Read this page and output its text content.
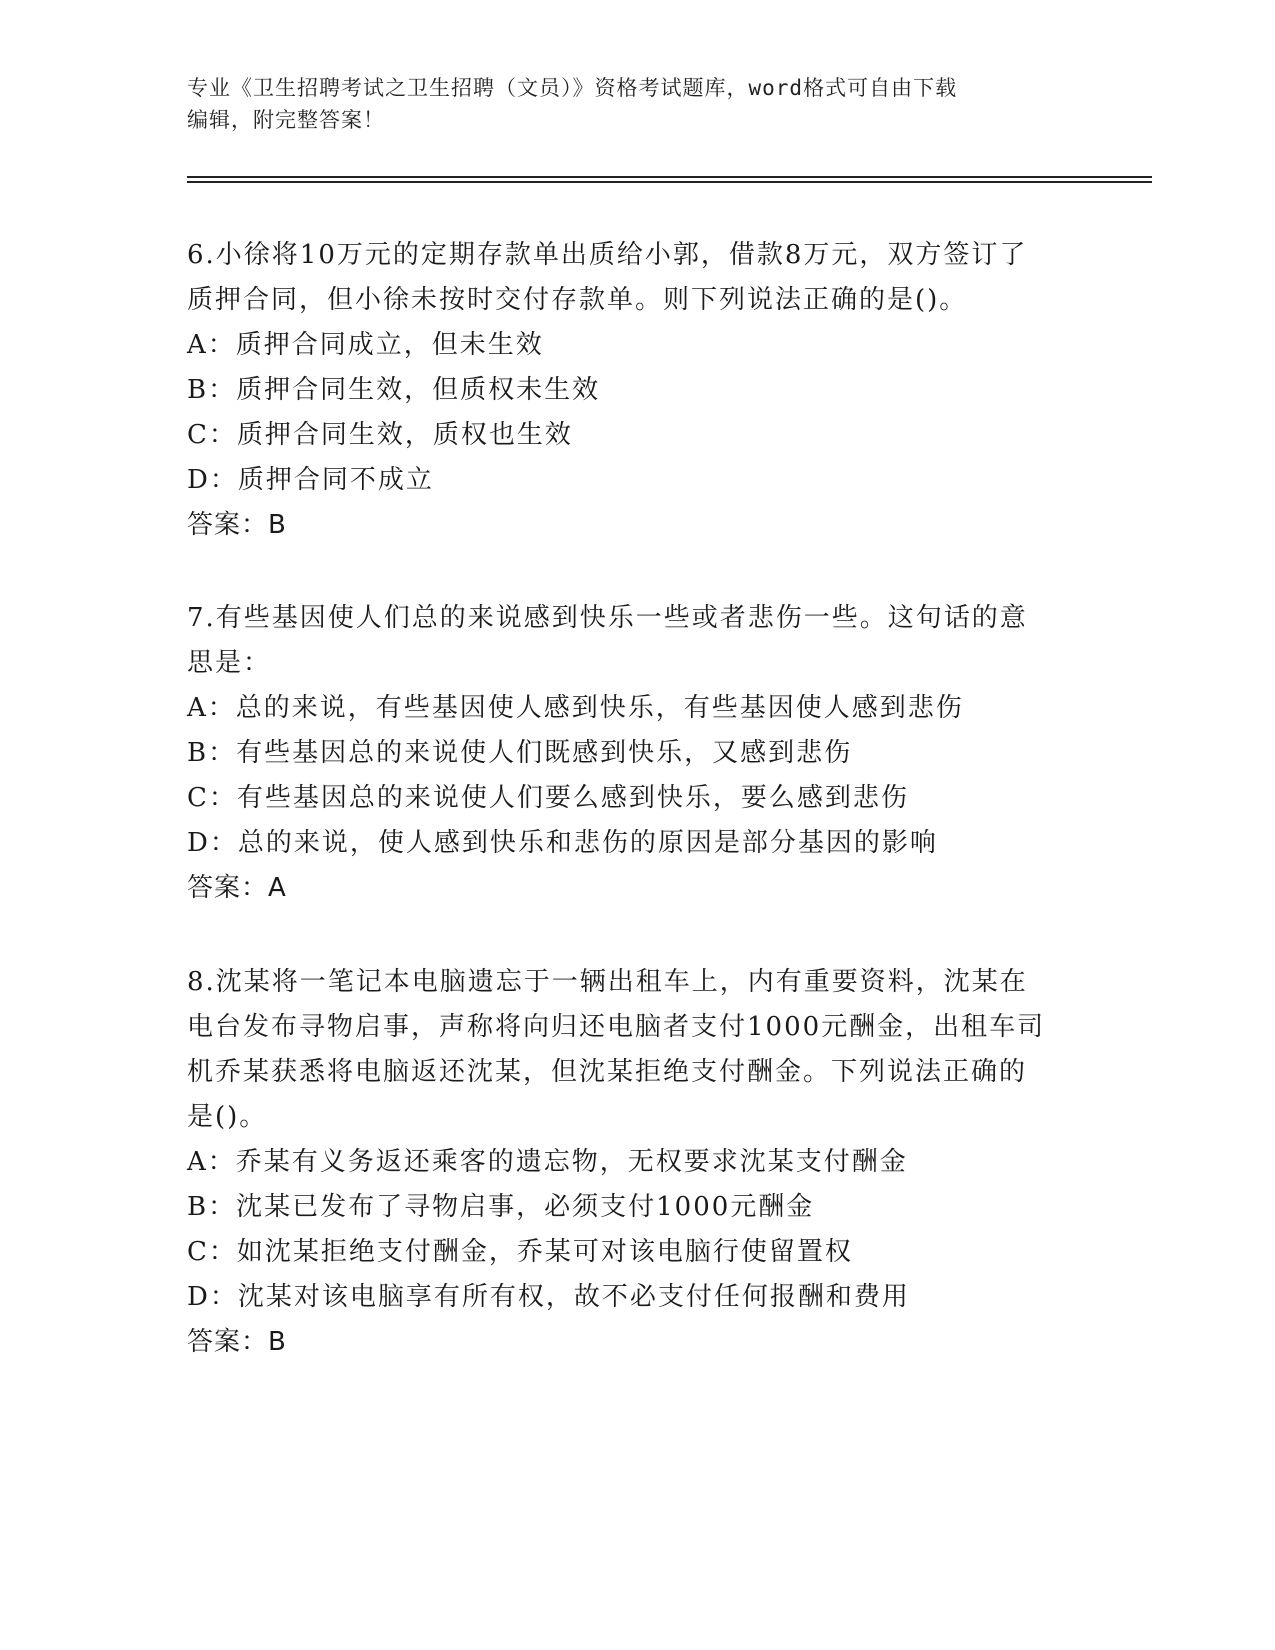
专业《卫生招聘考试之卫生招聘（文员）》资格考试题库，word格式可自由下载
编辑，附完整答案！

6.小徐将10万元的定期存款单出质给小郭，借款8万元，双方签订了

质押合同，但小徐未按时交付存款单。则下列说法正确的是()。

A：质押合同成立，但未生效

B：质押合同生效，但质权未生效

C：质押合同生效，质权也生效

D：质押合同不成立

答案：B

7.有些基因使人们总的来说感到快乐一些或者悲伤一些。这句话的意

思是：

A：总的来说，有些基因使人感到快乐，有些基因使人感到悲伤

B：有些基因总的来说使人们既感到快乐，又感到悲伤

C：有些基因总的来说使人们要么感到快乐，要么感到悲伤

D：总的来说，使人感到快乐和悲伤的原因是部分基因的影响

答案：A

8.沈某将一笔记本电脑遗忘于一辆出租车上，内有重要资料，沈某在

电台发布寻物启事，声称将向归还电脑者支付1000元酬金，出租车司

机乔某获悉将电脑返还沈某，但沈某拒绝支付酬金。下列说法正确的

是()。

A：乔某有义务返还乘客的遗忘物，无权要求沈某支付酬金

B：沈某已发布了寻物启事，必须支付1000元酬金

C：如沈某拒绝支付酬金，乔某可对该电脑行使留置权

D：沈某对该电脑享有所有权，故不必支付任何报酬和费用

答案：B
